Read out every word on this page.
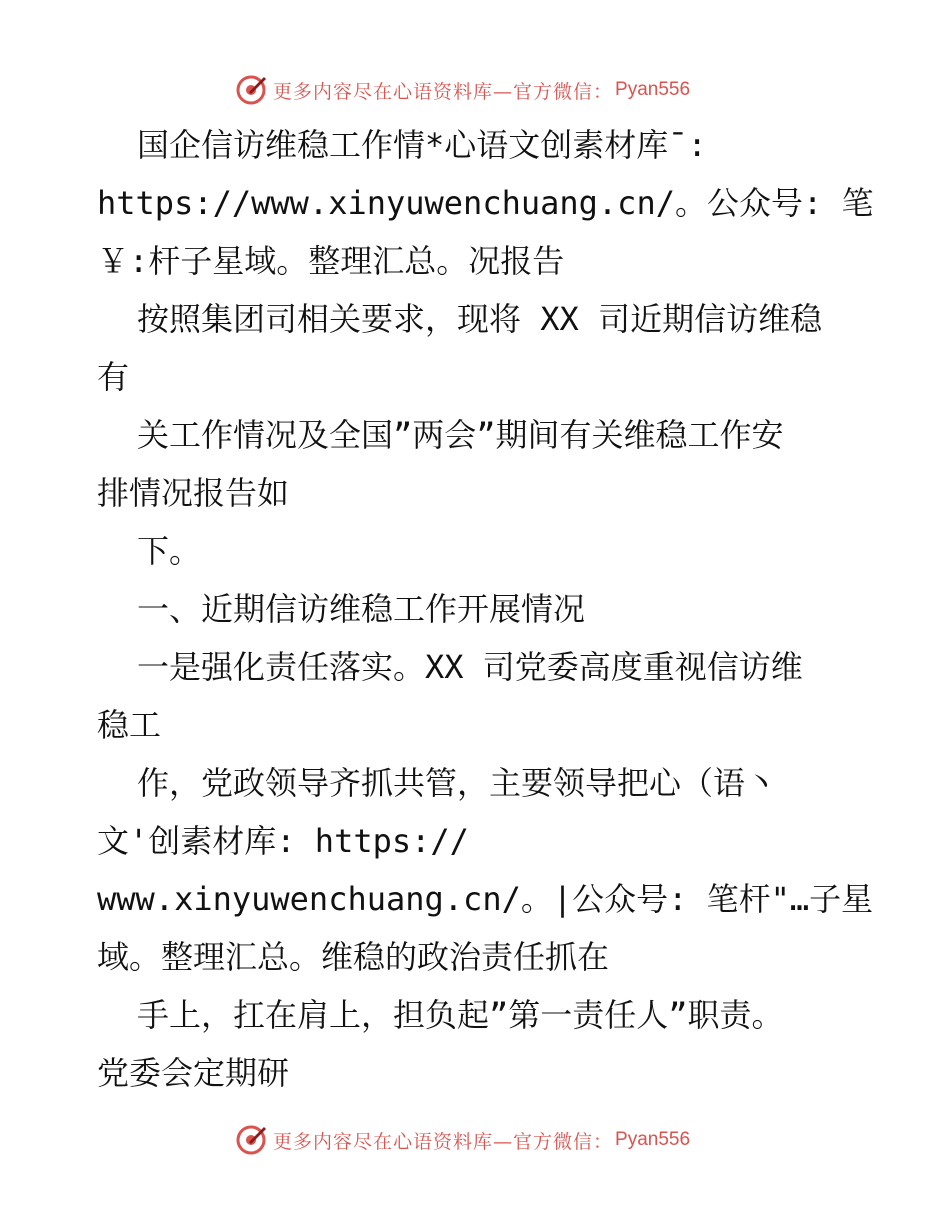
更多内容尽在心语资料库—官方微信： Pyan556
国企信访维稳工作情*心语文创素材库¯:
https://www.xinyuwenchuang.cn/。公众号: 笔
￥:杆子星域。整理汇总。况报告
按照集团司相关要求，现将 XX 司近期信访维稳
有
关工作情况及全国”两会”期间有关维稳工作安
排情况报告如
下。
一、近期信访维稳工作开展情况
一是强化责任落实。XX 司党委高度重视信访维
稳工
作，党政领导齐抓共管，主要领导把心（语丶
文'创素材库: https://
www.xinyuwenchuang.cn/。|公众号: 笔杆"…子星
域。整理汇总。维稳的政治责任抓在
手上，扛在肩上，担负起”第一责任人”职责。
党委会定期研
更多内容尽在心语资料库—官方微信： Pyan556
